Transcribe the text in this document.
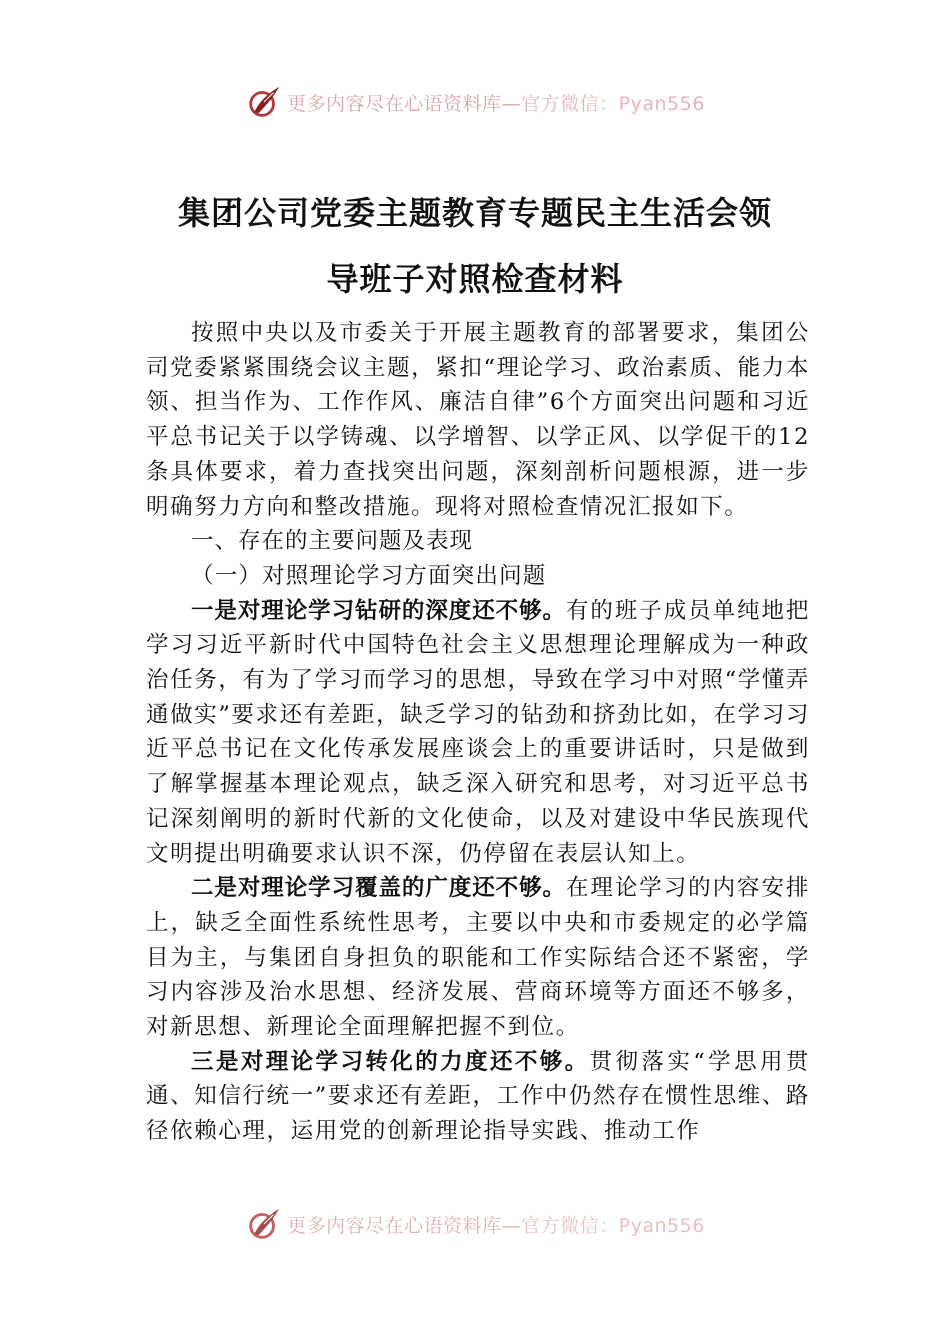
更多内容尽在心语资料库—官方微信：Pyan556
集团公司党委主题教育专题民主生活会领
导班子对照检查材料

按照中央以及市委关于开展主题教育的部署要求，集团公司党委紧紧围绕会议主题，紧扣“理论学习、政治素质、能力本领、担当作为、工作作风、廉洁自律”6个方面突出问题和习近平总书记关于以学铸魂、以学增智、以学正风、以学促干的12条具体要求，着力查找突出问题，深刻剖析问题根源，进一步明确努力方向和整改措施。现将对照检查情况汇报如下。

一、存在的主要问题及表现

（一）对照理论学习方面突出问题

一是对理论学习钻研的深度还不够。有的班子成员单纯地把学习习近平新时代中国特色社会主义思想理论理解成为一种政治任务，有为了学习而学习的思想，导致在学习中对照“学懂弄通做实”要求还有差距，缺乏学习的钻劲和挤劲比如，在学习习近平总书记在文化传承发展座谈会上的重要讲话时，只是做到了解掌握基本理论观点，缺乏深入研究和思考，对习近平总书记深刻阐明的新时代新的文化使命，以及对建设中华民族现代文明提出明确要求认识不深，仍停留在表层认知上。

二是对理论学习覆盖的广度还不够。在理论学习的内容安排上，缺乏全面性系统性思考，主要以中央和市委规定的必学篇目为主，与集团自身担负的职能和工作实际结合还不紧密，学习内容涉及治水思想、经济发展、营商环境等方面还不够多，对新思想、新理论全面理解把握不到位。

三是对理论学习转化的力度还不够。贯彻落实“学思用贯通、知信行统一”要求还有差距，工作中仍然存在惯性思维、路径依赖心理，运用党的创新理论指导实践、推动工作

更多内容尽在心语资料库—官方微信：Pyan556
